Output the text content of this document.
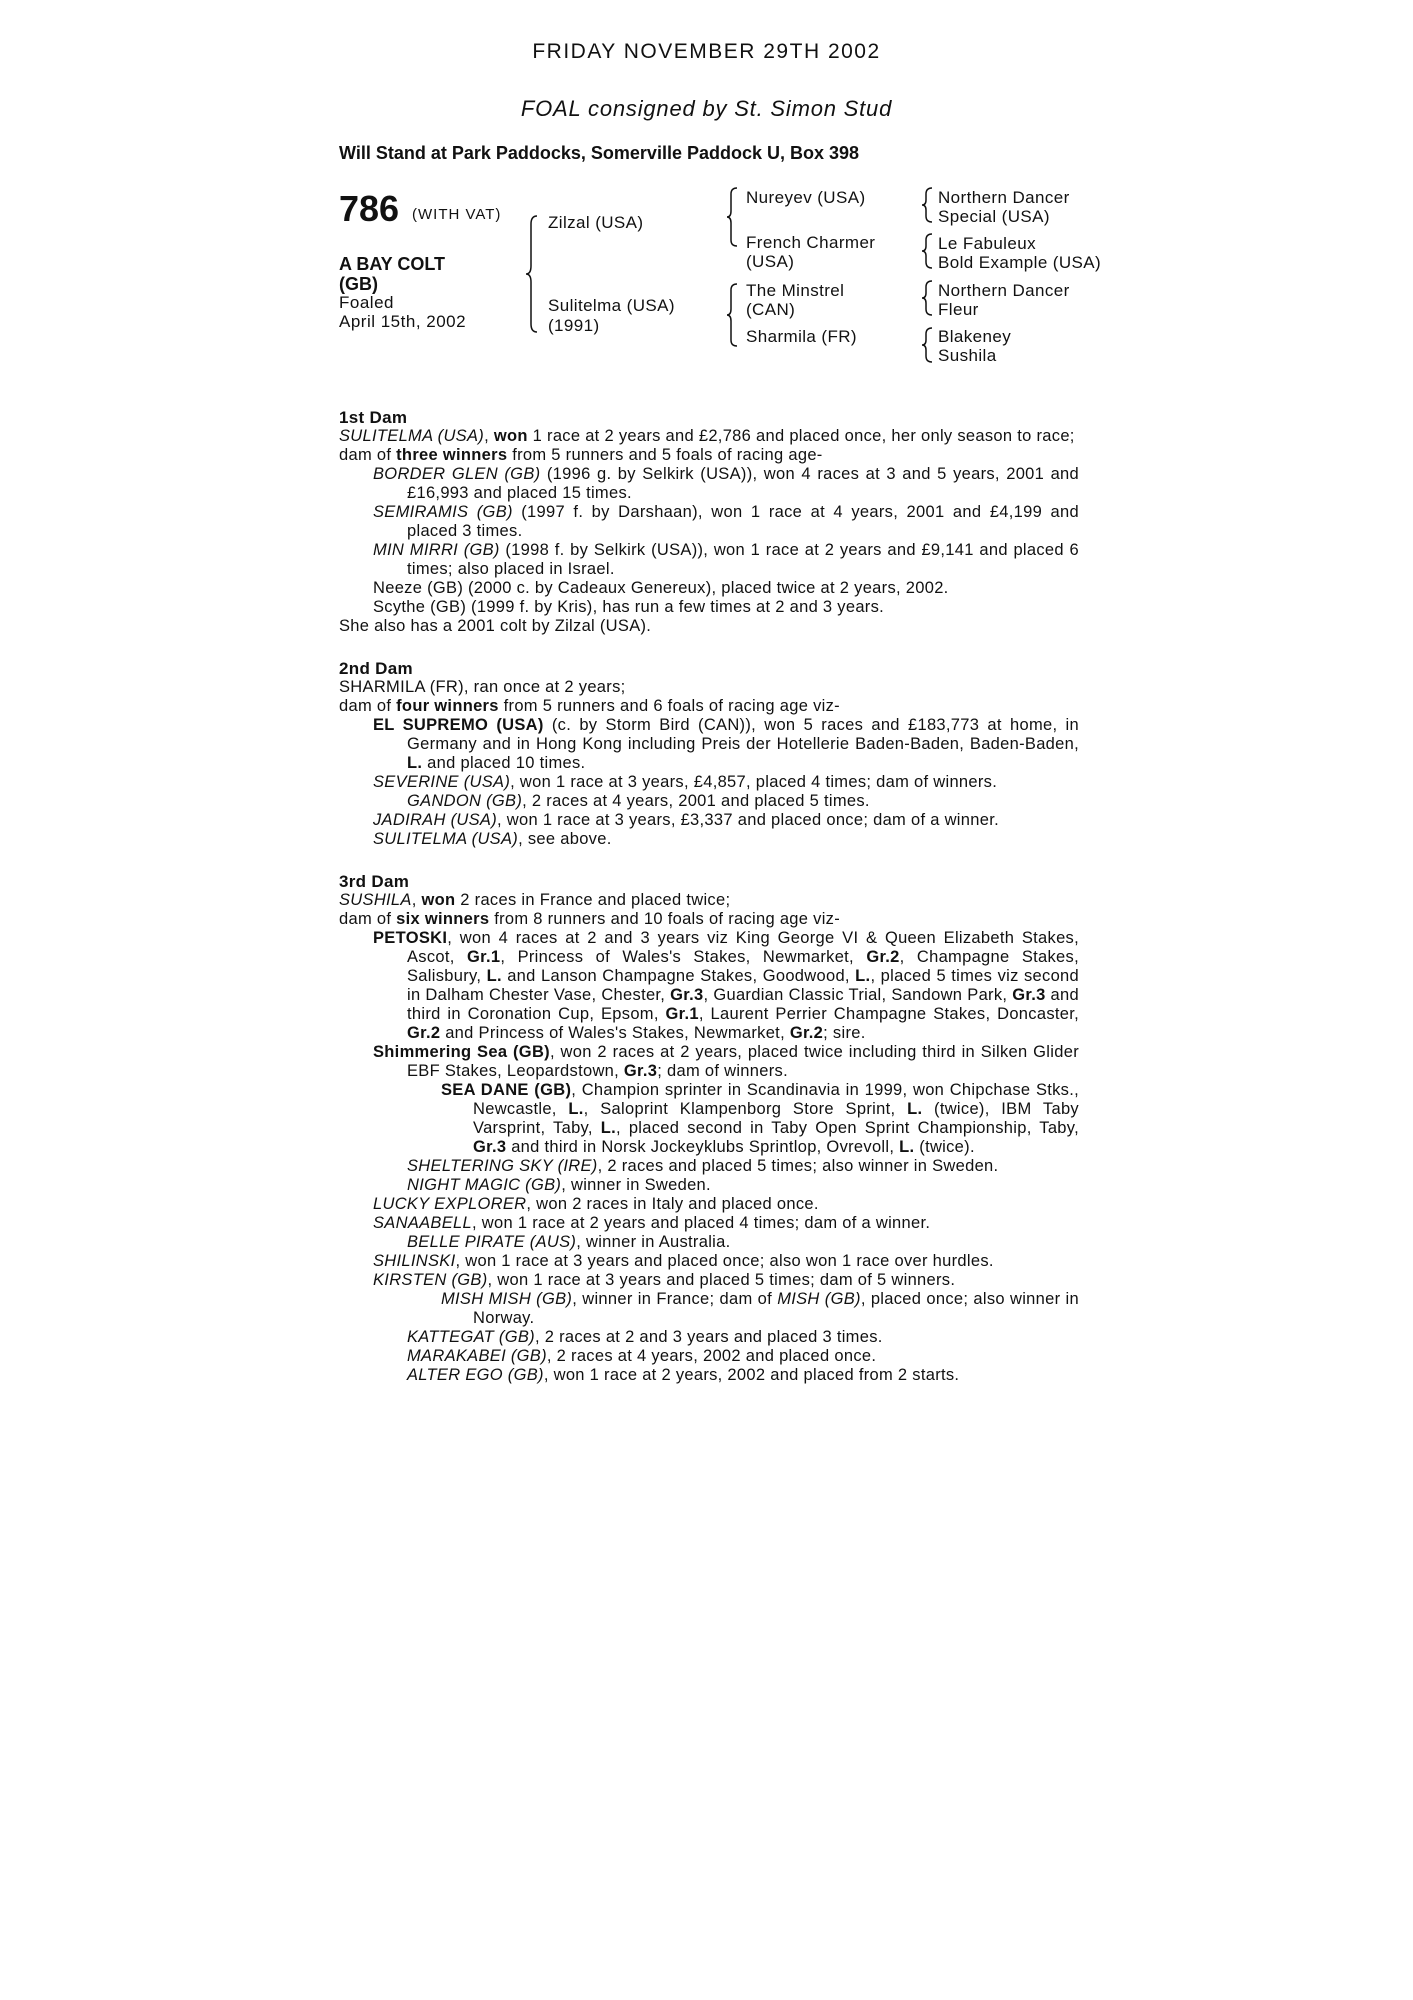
FRIDAY NOVEMBER 29TH 2002
FOAL consigned by St. Simon Stud
Will Stand at Park Paddocks, Somerville Paddock U, Box 398
786 (WITH VAT)
A BAY COLT
(GB)
Foaled
April 15th, 2002
Zilzal (USA)
Sulitelma (USA)
(1991)
Nureyev (USA)
French Charmer
(USA)
The Minstrel
(CAN)
Sharmila (FR)
Northern Dancer
Special (USA)
Le Fabuleux
Bold Example (USA)
Northern Dancer
Fleur
Blakeney
Sushila
1st Dam
SULITELMA (USA), won 1 race at 2 years and £2,786 and placed once, her only season to race;
dam of three winners from 5 runners and 5 foals of racing age-
BORDER GLEN (GB) (1996 g. by Selkirk (USA)), won 4 races at 3 and 5 years, 2001 and £16,993 and placed 15 times.
SEMIRAMIS (GB) (1997 f. by Darshaan), won 1 race at 4 years, 2001 and £4,199 and placed 3 times.
MIN MIRRI (GB) (1998 f. by Selkirk (USA)), won 1 race at 2 years and £9,141 and placed 6 times; also placed in Israel.
Neeze (GB) (2000 c. by Cadeaux Genereux), placed twice at 2 years, 2002.
Scythe (GB) (1999 f. by Kris), has run a few times at 2 and 3 years.
She also has a 2001 colt by Zilzal (USA).
2nd Dam
SHARMILA (FR), ran once at 2 years;
dam of four winners from 5 runners and 6 foals of racing age viz-
EL SUPREMO (USA) (c. by Storm Bird (CAN)), won 5 races and £183,773 at home, in Germany and in Hong Kong including Preis der Hotellerie Baden-Baden, Baden-Baden, L. and placed 10 times.
SEVERINE (USA), won 1 race at 3 years, £4,857, placed 4 times; dam of winners.
GANDON (GB), 2 races at 4 years, 2001 and placed 5 times.
JADIRAH (USA), won 1 race at 3 years, £3,337 and placed once; dam of a winner.
SULITELMA (USA), see above.
3rd Dam
SUSHILA, won 2 races in France and placed twice;
dam of six winners from 8 runners and 10 foals of racing age viz-
PETOSKI, won 4 races at 2 and 3 years viz King George VI & Queen Elizabeth Stakes, Ascot, Gr.1, Princess of Wales's Stakes, Newmarket, Gr.2, Champagne Stakes, Salisbury, L. and Lanson Champagne Stakes, Goodwood, L., placed 5 times viz second in Dalham Chester Vase, Chester, Gr.3, Guardian Classic Trial, Sandown Park, Gr.3 and third in Coronation Cup, Epsom, Gr.1, Laurent Perrier Champagne Stakes, Doncaster, Gr.2 and Princess of Wales's Stakes, Newmarket, Gr.2; sire.
Shimmering Sea (GB), won 2 races at 2 years, placed twice including third in Silken Glider EBF Stakes, Leopardstown, Gr.3; dam of winners.
SEA DANE (GB), Champion sprinter in Scandinavia in 1999, won Chipchase Stks., Newcastle, L., Saloprint Klampenborg Store Sprint, L. (twice), IBM Taby Varsprint, Taby, L., placed second in Taby Open Sprint Championship, Taby, Gr.3 and third in Norsk Jockeyklubs Sprintlop, Ovrevoll, L. (twice).
SHELTERING SKY (IRE), 2 races and placed 5 times; also winner in Sweden.
NIGHT MAGIC (GB), winner in Sweden.
LUCKY EXPLORER, won 2 races in Italy and placed once.
SANAABELL, won 1 race at 2 years and placed 4 times; dam of a winner.
BELLE PIRATE (AUS), winner in Australia.
SHILINSKI, won 1 race at 3 years and placed once; also won 1 race over hurdles.
KIRSTEN (GB), won 1 race at 3 years and placed 5 times; dam of 5 winners.
MISH MISH (GB), winner in France; dam of MISH (GB), placed once; also winner in Norway.
KATTEGAT (GB), 2 races at 2 and 3 years and placed 3 times.
MARAKABEI (GB), 2 races at 4 years, 2002 and placed once.
ALTER EGO (GB), won 1 race at 2 years, 2002 and placed from 2 starts.
